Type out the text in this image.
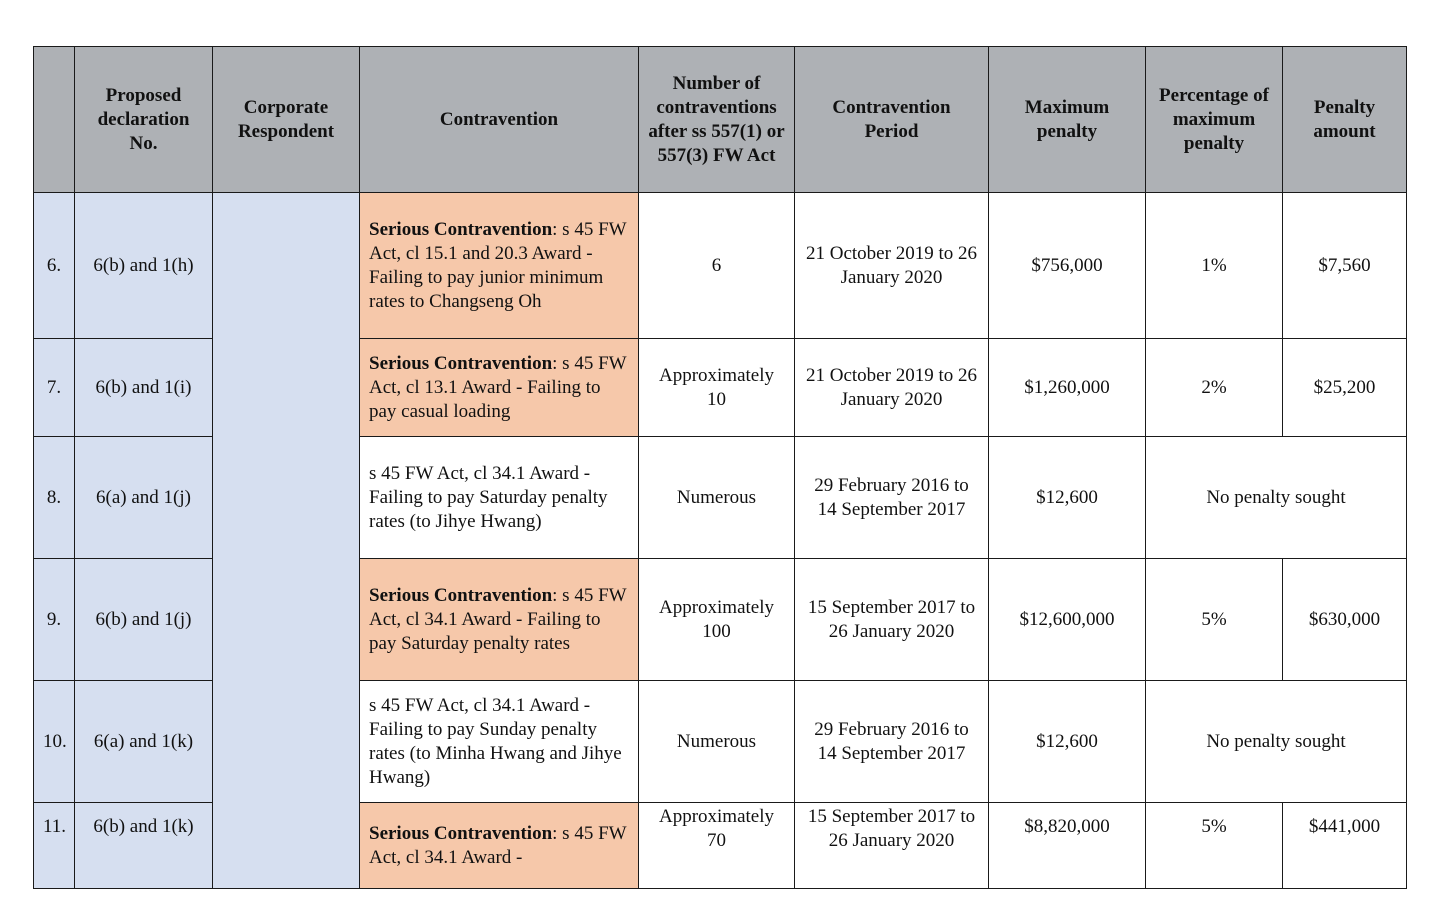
	Proposed declaration No.	Corporate Respondent	Contravention	Number of contraventions after ss 557(1) or 557(3) FW Act	Contravention Period	Maximum penalty	Percentage of maximum penalty	Penalty amount
6.	6(b) and 1(h)		Serious Contravention: s 45 FW Act, cl 15.1 and 20.3 Award - Failing to pay junior minimum rates to Changseng Oh	6	21 October 2019 to 26 January 2020	$756,000	1%	$7,560
7.	6(b) and 1(i)		Serious Contravention: s 45 FW Act, cl 13.1 Award - Failing to pay casual loading	Approximately 10	21 October 2019 to 26 January 2020	$1,260,000	2%	$25,200
8.	6(a) and 1(j)		s 45 FW Act, cl 34.1 Award - Failing to pay Saturday penalty rates (to Jihye Hwang)	Numerous	29 February 2016 to 14 September 2017	$12,600	No penalty sought	
9.	6(b) and 1(j)		Serious Contravention: s 45 FW Act, cl 34.1 Award - Failing to pay Saturday penalty rates	Approximately 100	15 September 2017 to 26 January 2020	$12,600,000	5%	$630,000
10.	6(a) and 1(k)		s 45 FW Act, cl 34.1 Award - Failing to pay Sunday penalty rates (to Minha Hwang and Jihye Hwang)	Numerous	29 February 2016 to 14 September 2017	$12,600	No penalty sought	
11.	6(b) and 1(k)		Serious Contravention: s 45 FW Act, cl 34.1 Award -	Approximately 70	15 September 2017 to 26 January 2020	$8,820,000	5%	$441,000
